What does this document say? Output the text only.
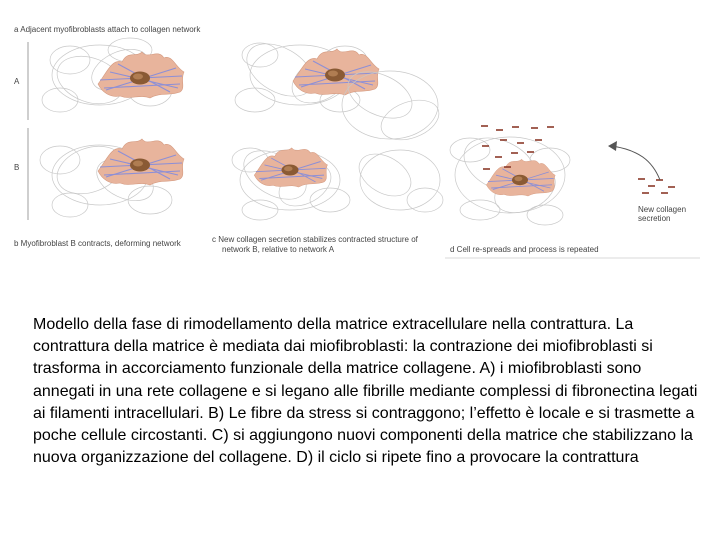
a Adjacent myofibroblasts attach to collagen network
A
B
b Myofibroblast B contracts, deforming network	c New collagen secretion stabilizes contracted structure of
network B, relative to network A	d Cell re-spreads and process is repeated
New collagen
secretion

Modello della fase di rimodellamento della matrice extracellulare nella contrattura. La contrattura della matrice è mediata dai miofibroblasti: la contrazione dei miofibroblasti si trasforma in accorciamento funzionale della matrice collagene. A) i miofibroblasti sono annegati in una rete collagene e si legano alle fibrille mediante complessi di fibronectina legati ai filamenti intracellulari. B) Le fibre da stress si contraggono; l’effetto è locale e si trasmette a poche cellule circostanti. C) si aggiungono nuovi componenti della matrice che stabilizzano la nuova organizzazione del collagene. D) il ciclo si ripete fino a provocare la contrattura
